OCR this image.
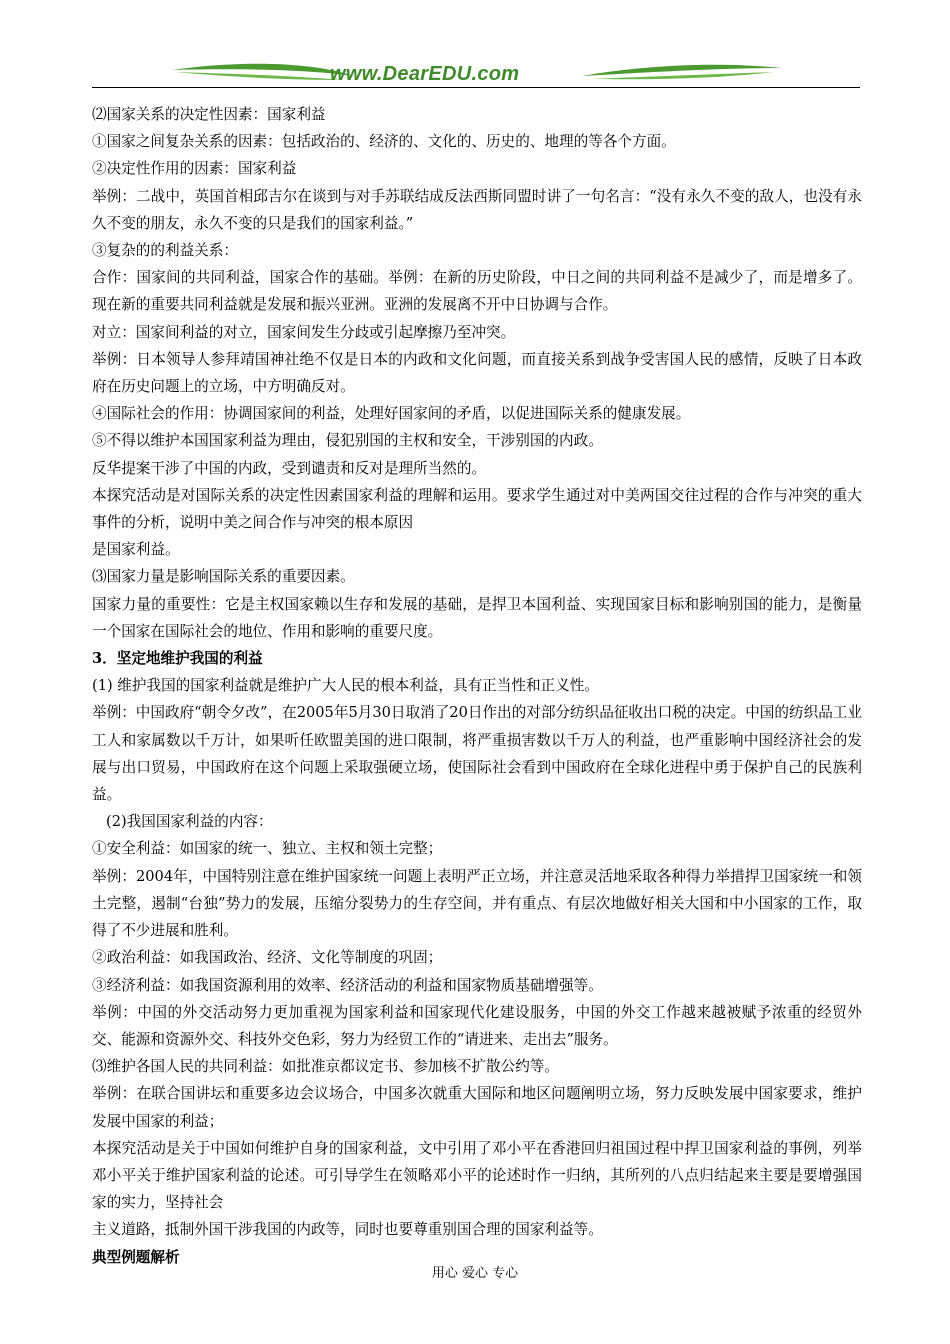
www.DearEDU.com

⑵国家关系的决定性因素：国家利益

①国家之间复杂关系的因素：包括政治的、经济的、文化的、历史的、地理的等各个方面。

②决定性作用的因素：国家利益

举例：二战中，英国首相邱吉尔在谈到与对手苏联结成反法西斯同盟时讲了一句名言：“没有永久不变的敌人，也没有永久不变的朋友，永久不变的只是我们的国家利益。”

③复杂的的利益关系：

合作：国家间的共同利益，国家合作的基础。举例：在新的历史阶段，中日之间的共同利益不是减少了，而是增多了。现在新的重要共同利益就是发展和振兴亚洲。亚洲的发展离不开中日协调与合作。

对立：国家间利益的对立，国家间发生分歧或引起摩擦乃至冲突。

举例：日本领导人参拜靖国神社绝不仅是日本的内政和文化问题，而直接关系到战争受害国人民的感情，反映了日本政府在历史问题上的立场，中方明确反对。

④国际社会的作用：协调国家间的利益，处理好国家间的矛盾，以促进国际关系的健康发展。

⑤不得以维护本国国家利益为理由，侵犯别国的主权和安全，干涉别国的内政。

反华提案干涉了中国的内政，受到谴责和反对是理所当然的。

本探究活动是对国际关系的决定性因素国家利益的理解和运用。要求学生通过对中美两国交往过程的合作与冲突的重大事件的分析，说明中美之间合作与冲突的根本原因

是国家利益。

⑶国家力量是影响国际关系的重要因素。

国家力量的重要性：它是主权国家赖以生存和发展的基础，是捍卫本国利益、实现国家目标和影响别国的能力，是衡量一个国家在国际社会的地位、作用和影响的重要尺度。

3．坚定地维护我国的利益

(1) 维护我国的国家利益就是维护广大人民的根本利益，具有正当性和正义性。

举例：中国政府“朝令夕改”，在2005年5月30日取消了20日作出的对部分纺织品征收出口税的决定。中国的纺织品工业工人和家属数以千万计，如果听任欧盟美国的进口限制，将严重损害数以千万人的利益，也严重影响中国经济社会的发展与出口贸易，中国政府在这个问题上采取强硬立场，使国际社会看到中国政府在全球化进程中勇于保护自己的民族利益。

(2)我国国家利益的内容：

①安全利益：如国家的统一、独立、主权和领土完整；

举例：2004年，中国特别注意在维护国家统一问题上表明严正立场，并注意灵活地采取各种得力举措捍卫国家统一和领土完整，遏制“台独”势力的发展，压缩分裂势力的生存空间，并有重点、有层次地做好相关大国和中小国家的工作，取得了不少进展和胜利。

②政治利益：如我国政治、经济、文化等制度的巩固；

③经济利益：如我国资源利用的效率、经济活动的利益和国家物质基础增强等。

举例：中国的外交活动努力更加重视为国家利益和国家现代化建设服务，中国的外交工作越来越被赋予浓重的经贸外交、能源和资源外交、科技外交色彩，努力为经贸工作的“请进来、走出去”服务。

⑶维护各国人民的共同利益：如批准京都议定书、参加核不扩散公约等。

举例：在联合国讲坛和重要多边会议场合，中国多次就重大国际和地区问题阐明立场，努力反映发展中国家要求，维护发展中国家的利益；

本探究活动是关于中国如何维护自身的国家利益，文中引用了邓小平在香港回归祖国过程中捍卫国家利益的事例，列举邓小平关于维护国家利益的论述。可引导学生在领略邓小平的论述时作一归纳，其所列的八点归结起来主要是要增强国家的实力，坚持社会

主义道路，抵制外国干涉我国的内政等，同时也要尊重别国合理的国家利益等。

典型例题解析

用心 爱心 专心
